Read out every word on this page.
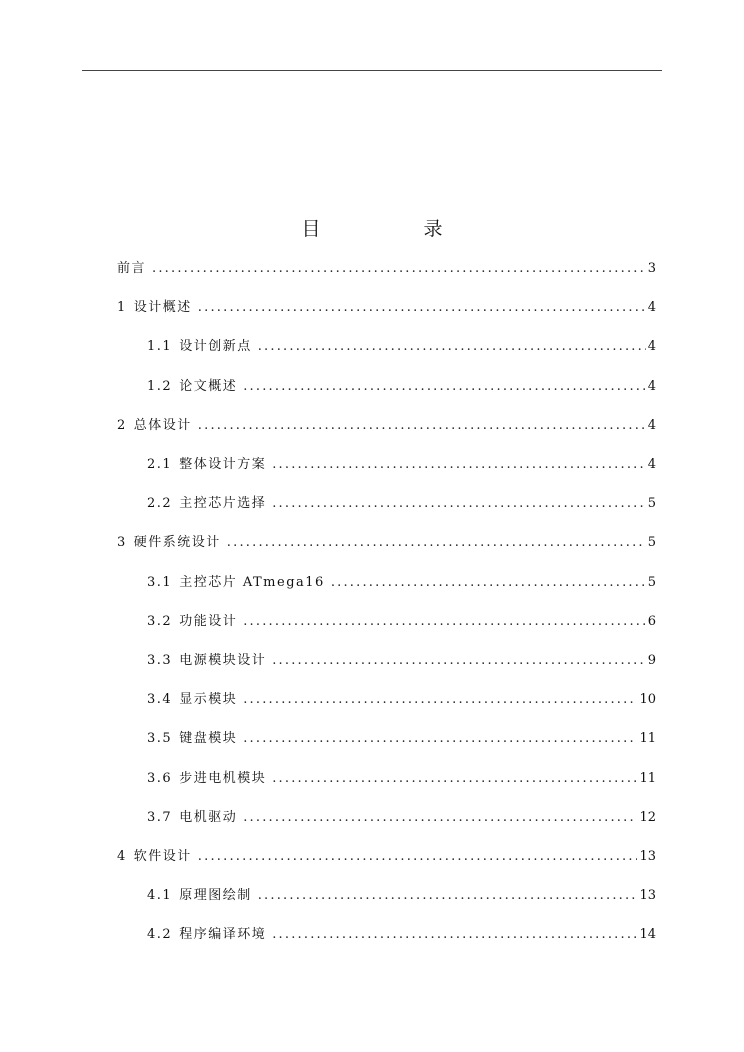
目　录
前言 .....	3
1 设计概述 .....	4
1.1 设计创新点 .....	4
1.2 论文概述 .....	4
2 总体设计 .....	4
2.1 整体设计方案 .....	4
2.2 主控芯片选择 .....	5
3 硬件系统设计 .....	5
3.1 主控芯片 ATmega16 .....	5
3.2 功能设计 .....	6
3.3 电源模块设计 .....	9
3.4 显示模块 .....	10
3.5 键盘模块 .....	11
3.6 步进电机模块 .....	11
3.7 电机驱动 .....	12
4 软件设计 .....	13
4.1 原理图绘制 .....	13
4.2 程序编译环境 .....	14
